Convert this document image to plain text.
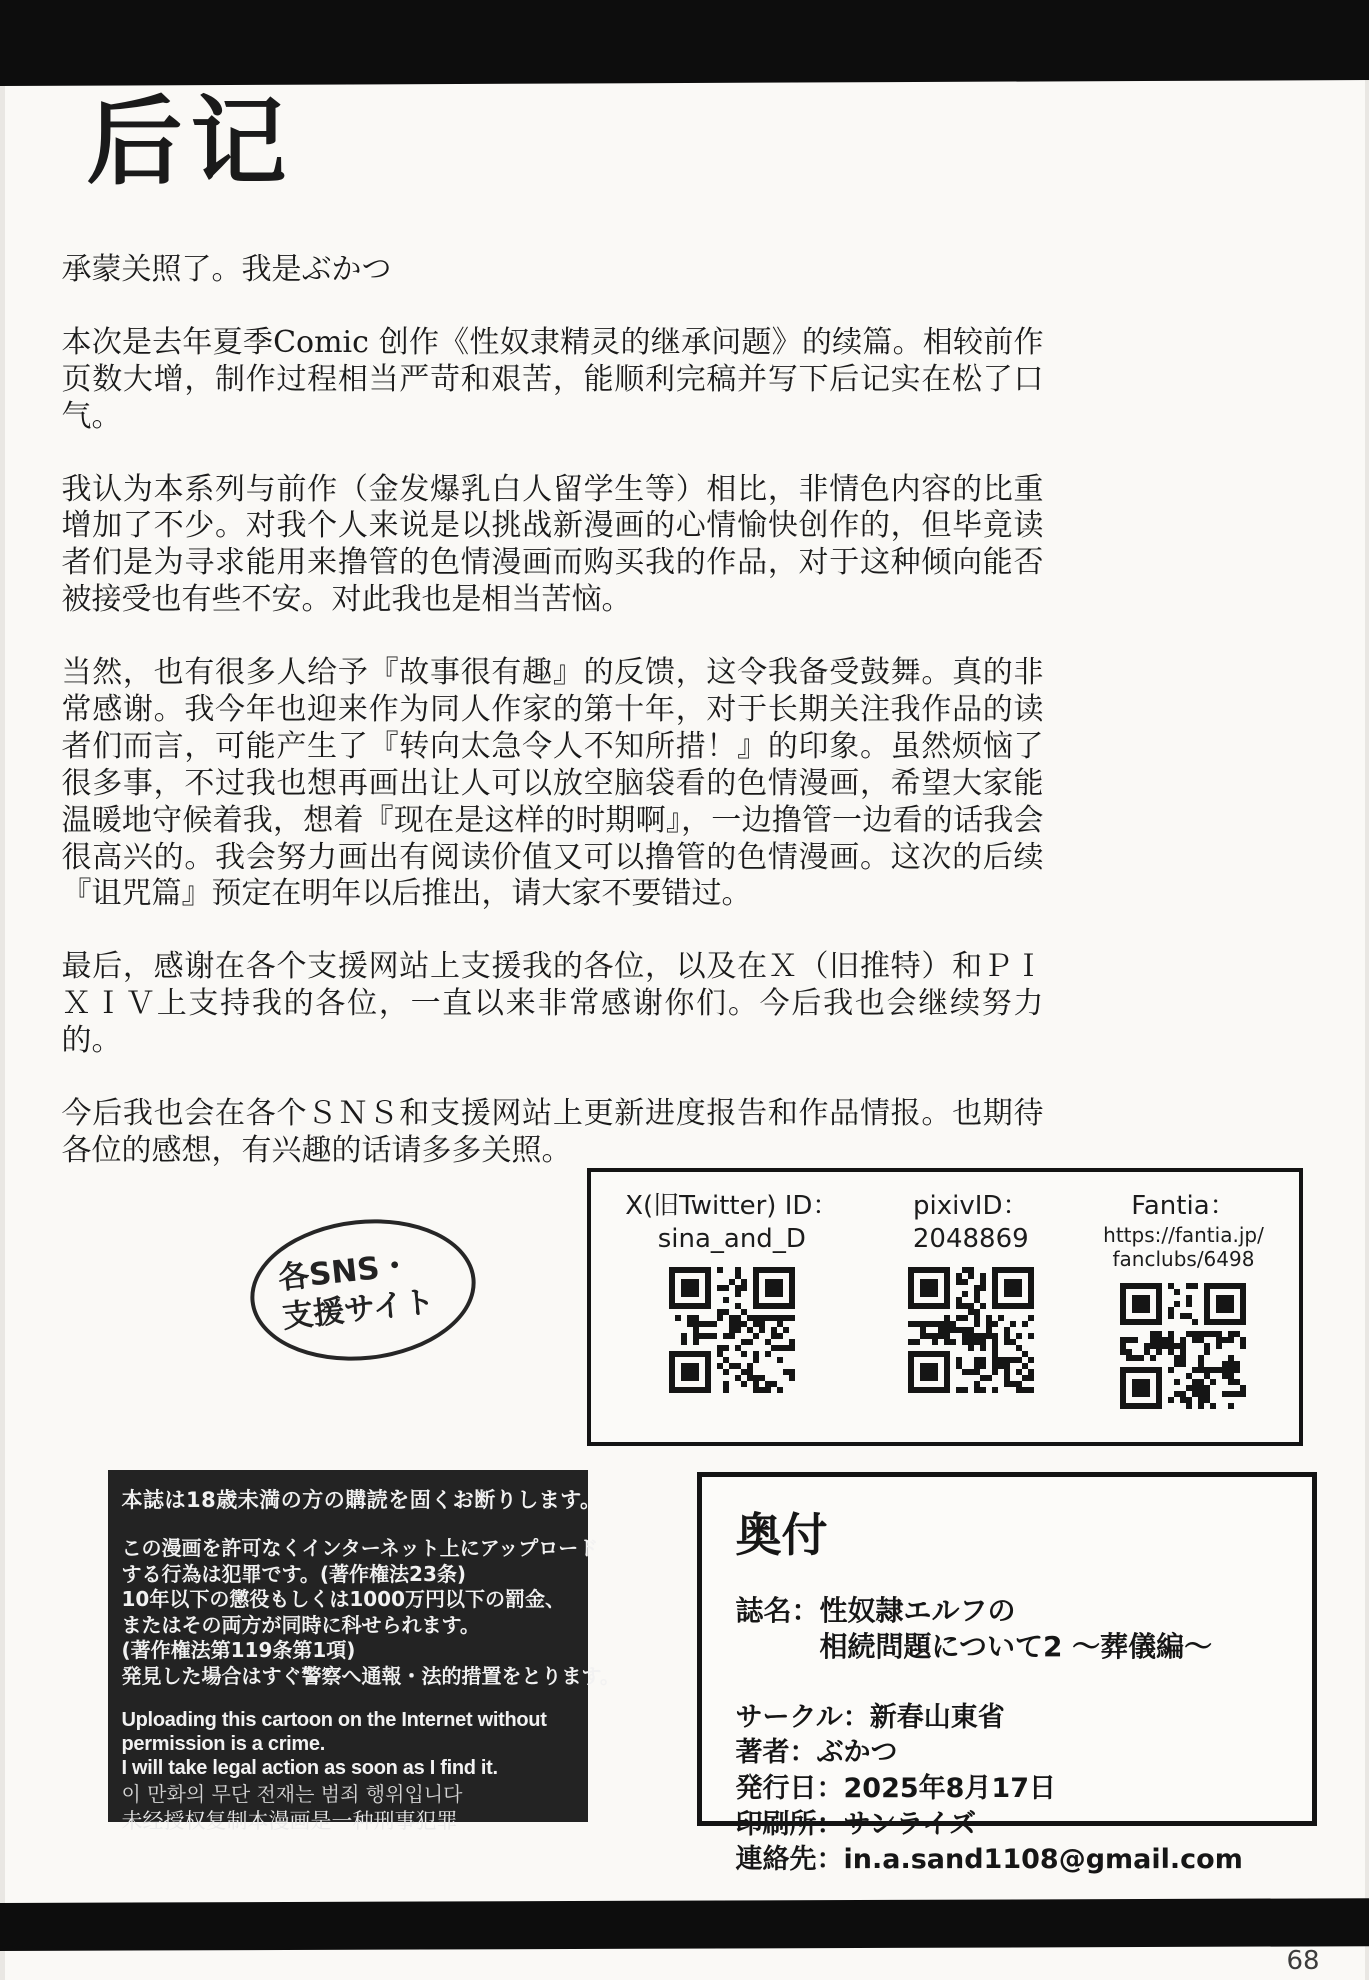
后记

承蒙关照了。我是ぶかつ

本次是去年夏季Comic 创作《性奴隶精灵的继承问题》的续篇。相较前作页数大增，制作过程相当严苛和艰苦，能顺利完稿并写下后记实在松了口气。

我认为本系列与前作（金发爆乳白人留学生等）相比，非情色内容的比重增加了不少。对我个人来说是以挑战新漫画的心情愉快创作的，但毕竟读者们是为寻求能用来撸管的色情漫画而购买我的作品，对于这种倾向能否被接受也有些不安。对此我也是相当苦恼。

当然，也有很多人给予『故事很有趣』的反馈，这令我备受鼓舞。真的非常感谢。我今年也迎来作为同人作家的第十年，对于长期关注我作品的读者们而言，可能产生了『转向太急令人不知所措！』的印象。虽然烦恼了很多事，不过我也想再画出让人可以放空脑袋看的色情漫画，希望大家能温暖地守候着我，想着『现在是这样的时期啊』，一边撸管一边看的话我会很高兴的。我会努力画出有阅读价值又可以撸管的色情漫画。这次的后续『诅咒篇』预定在明年以后推出，请大家不要错过。

最后，感谢在各个支援网站上支援我的各位，以及在Ｘ（旧推特）和ＰＩＸＩＶ上支持我的各位，一直以来非常感谢你们。今后我也会继续努力的。

今后我也会在各个ＳＮＳ和支援网站上更新进度报告和作品情报。也期待各位的感想，有兴趣的话请多多关照。

各SNS・
支援サイト
X(旧Twitter) ID：
sina_and_D
pixivID：
2048869
Fantia：
https://fantia.jp/
fanclubs/6498
本誌は18歳未満の方の購読を固くお断りします。
この漫画を許可なくインターネット上にアップロード
する行為は犯罪です。(著作権法23条)
10年以下の懲役もしくは1000万円以下の罰金、
またはその両方が同時に科せられます。
(著作権法第119条第1項)
発見した場合はすぐ警察へ通報・法的措置をとります。
Uploading this cartoon on the Internet without
permission is a crime.
I will take legal action as soon as I find it.
이 만화의 무단 전재는 범죄 행위입니다
未经授权复制本漫画是一种刑事犯罪
奥付
誌名：性奴隷エルフの
相続問題について2 ～葬儀編～
サークル：新春山東省
著者：ぶかつ
発行日：2025年8月17日
印刷所：サンライズ
連絡先：in.a.sand1108@gmail.com
68
